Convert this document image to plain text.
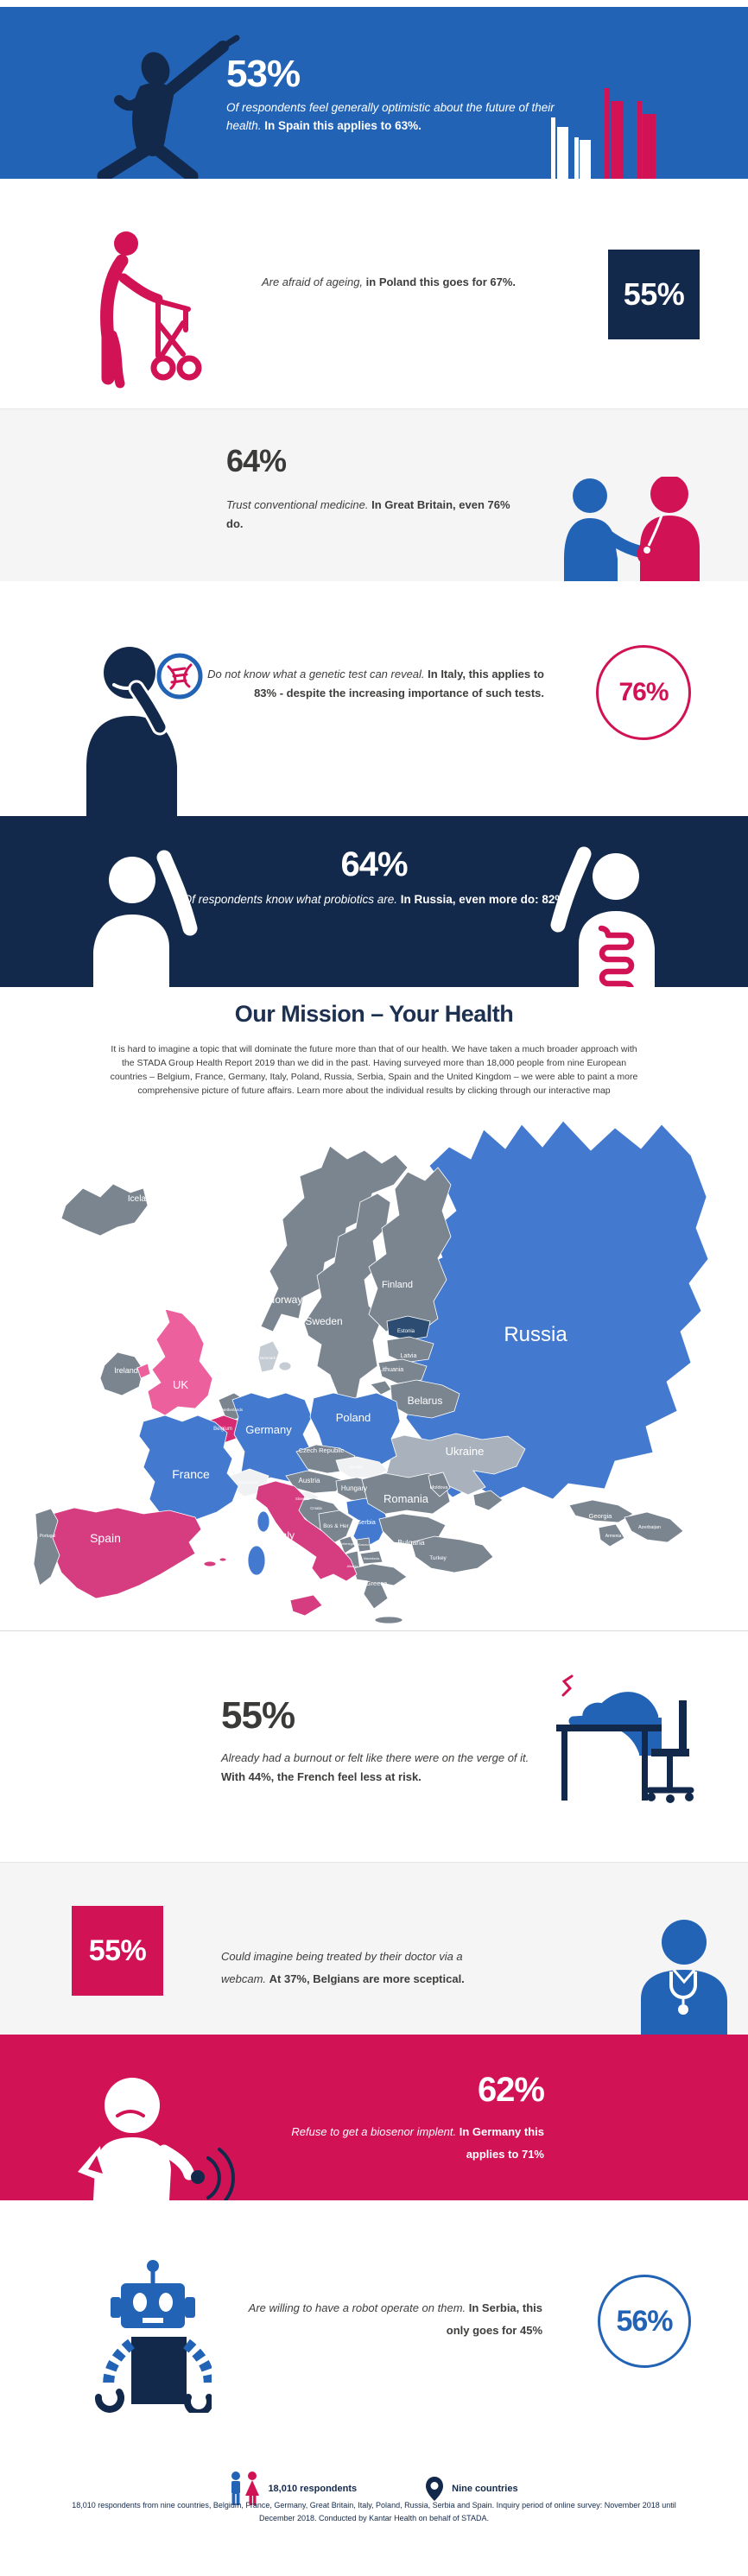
53%
Of respondents feel generally optimistic about the future of their health. In Spain this applies to 63%.
Are afraid of ageing, in Poland this goes for 67%.	55%
64%
Trust conventional medicine. In Great Britain, even 76% do.
Do not know what a genetic test can reveal. In Italy, this applies to 83% - despite the increasing importance of such tests.	76%
64%
Of respondents know what probiotics are. In Russia, even more do: 82%
Our Mission – Your Health
It is hard to imagine a topic that will dominate the future more than that of our health. We have taken a much broader approach with the STADA Group Health Report 2019 than we did in the past. Having surveyed more than 18,000 people from nine European countries – Belgium, France, Germany, Italy, Poland, Russia, Serbia, Spain and the United Kingdom – we were able to paint a more comprehensive picture of future affairs. Learn more about the individual results by clicking through our interactive map
Iceland
Norway
Sweden
Finland
Russia
Estonia
Latvia
Lithuania
Belarus
Ireland
UK
Denmark
Netherlands
Belgium Germany
Poland
Czech Republic
Slovakia
Austria
Hungary
Switzerland
Slovenia
Croatia
France
Spain
Portugal	Italy
Bos & Her
Serbia
Montenegro Kosovo
Macedonia
Albania
Greece
Bulgaria
Romania
Moldova
Ukraine
Turkey
Georgia
Armenia
Azerbaijan
55%
Already had a burnout or felt like there were on the verge of it. With 44%, the French feel less at risk.
55%	Could imagine being treated by their doctor via a webcam. At 37%, Belgians are more sceptical.
62%
Refuse to get a biosenor implent. In Germany this applies to 71%
Are willing to have a robot operate on them. In Serbia, this only goes for 45%	56%
18,010 respondents	Nine countries
18,010 respondents from nine countries, Belgium, France, Germany, Great Britain, Italy, Poland, Russia, Serbia and Spain. Inquiry period of online survey: November 2018 until December 2018. Conducted by Kantar Health on behalf of STADA.
